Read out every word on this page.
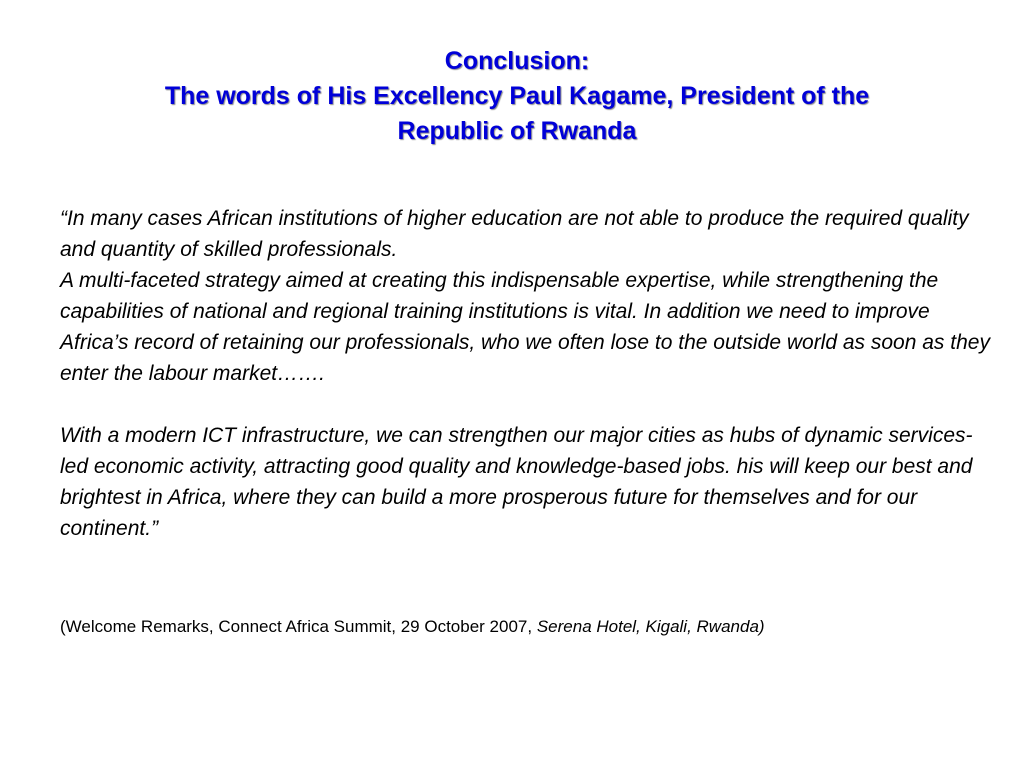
Conclusion:
The words of His Excellency Paul Kagame, President of the
Republic of Rwanda

“In many cases African institutions of higher education are not able to produce the required quality and quantity of skilled professionals.

A multi-faceted strategy aimed at creating this indispensable expertise, while strengthening the capabilities of national and regional training institutions is vital. In addition we need to improve Africa’s record of retaining our professionals, who we often lose to the outside world as soon as they enter the labour market…….

With a modern ICT infrastructure, we can strengthen our major cities as hubs of dynamic services-led economic activity, attracting good quality and knowledge-based jobs. his will keep our best and brightest in Africa, where they can build a more prosperous future for themselves and for our continent.”

(Welcome Remarks, Connect Africa Summit, 29 October 2007, Serena Hotel, Kigali, Rwanda)
